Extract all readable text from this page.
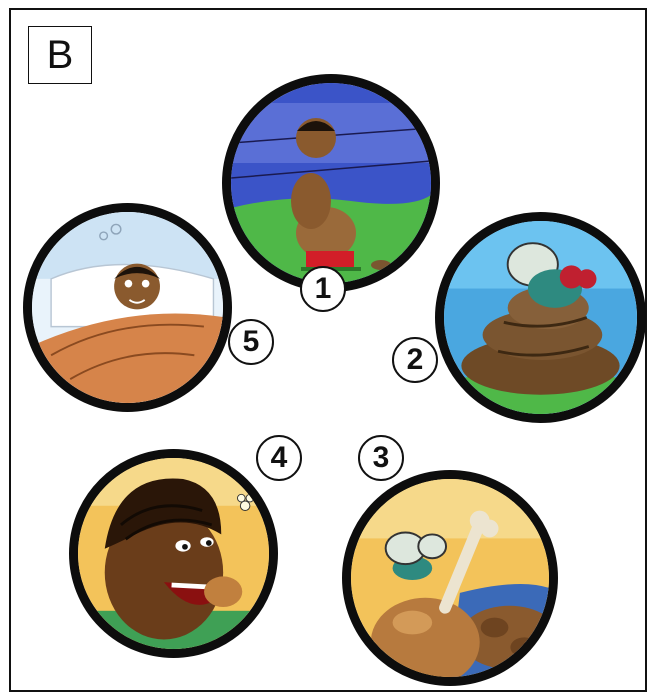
B
1
2
3
4
5
